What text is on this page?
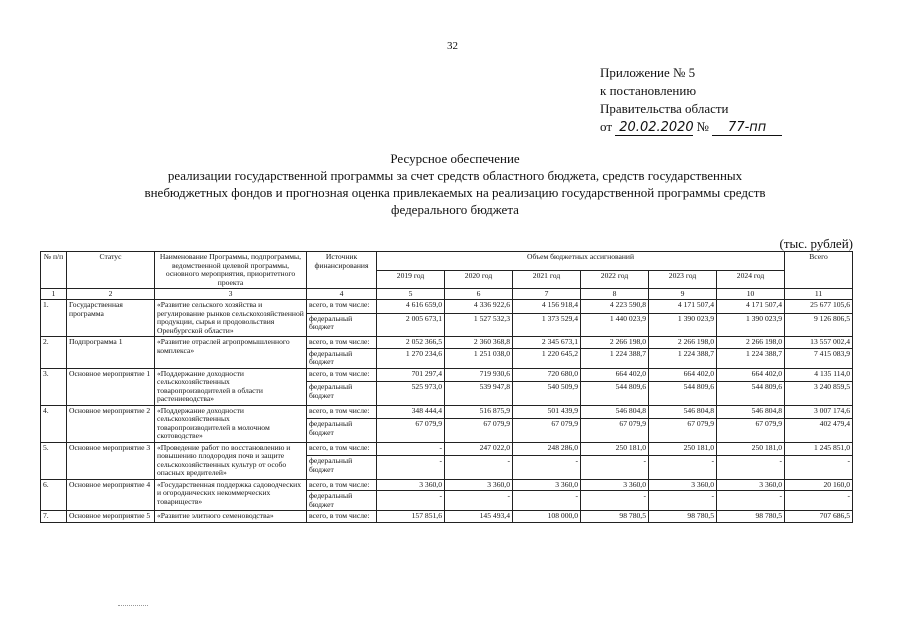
32
Приложение № 5
к постановлению
Правительства области
от 20.02.2020 № 77-пп
Ресурсное обеспечение
реализации государственной программы за счет средств областного бюджета, средств государственных
внебюджетных фондов и прогнозная оценка привлекаемых на реализацию государственной программы средств
федерального бюджета
(тыс. рублей)
№ п/п	Статус	Наименование Программы, подпрограммы, ведомственной целевой программы, основного мероприятия, приоритетного проекта	Источник финансирования	Объем бюджетных ассигнований						Всего
				2019 год	2020 год	2021 год	2022 год	2023 год	2024 год	
1	2	3	4	5	6	7	8	9	10	11
1.	Государственная программа	«Развитие сельского хозяйства и регулирование рынков сельскохозяйственной продукции, сырья и продовольствия Оренбургской области»	всего, в том числе:	4 616 659,0	4 336 922,6	4 156 918,4	4 223 590,8	4 171 507,4	4 171 507,4	25 677 105,6
			федеральный бюджет	2 005 673,1	1 527 532,3	1 373 529,4	1 440 023,9	1 390 023,9	1 390 023,9	9 126 806,5
2.	Подпрограмма 1	«Развитие отраслей агропромышленного комплекса»	всего, в том числе:	2 052 366,5	2 360 368,8	2 345 673,1	2 266 198,0	2 266 198,0	2 266 198,0	13 557 002,4
			федеральный бюджет	1 270 234,6	1 251 038,0	1 220 645,2	1 224 388,7	1 224 388,7	1 224 388,7	7 415 083,9
3.	Основное мероприятие 1	«Поддержание доходности сельскохозяйственных товаропроизводителей в области растениеводства»	всего, в том числе:	701 297,4	719 930,6	720 680,0	664 402,0	664 402,0	664 402,0	4 135 114,0
			федеральный бюджет	525 973,0	539 947,8	540 509,9	544 809,6	544 809,6	544 809,6	3 240 859,5
4.	Основное мероприятие 2	«Поддержание доходности сельскохозяйственных товаропроизводителей в молочном скотоводстве»	всего, в том числе:	348 444,4	516 875,9	501 439,9	546 804,8	546 804,8	546 804,8	3 007 174,6
			федеральный бюджет	67 079,9	67 079,9	67 079,9	67 079,9	67 079,9	67 079,9	402 479,4
5.	Основное мероприятие 3	«Проведение работ по восстановлению и повышению плодородия почв и защите сельскохозяйственных культур от особо опасных вредителей»	всего, в том числе:	-	247 022,0	248 286,0	250 181,0	250 181,0	250 181,0	1 245 851,0
			федеральный бюджет	-	-	-	-	-	-	-
6.	Основное мероприятие 4	«Государственная поддержка садоводческих и огороднических некоммерческих товариществ»	всего, в том числе:	3 360,0	3 360,0	3 360,0	3 360,0	3 360,0	3 360,0	20 160,0
			федеральный бюджет	-	-	-	-	-	-	-
7.	Основное мероприятие 5	«Развитие элитного семеноводства»	всего, в том числе:	157 851,6	145 493,4	108 000,0	98 780,5	98 780,5	98 780,5	707 686,5
